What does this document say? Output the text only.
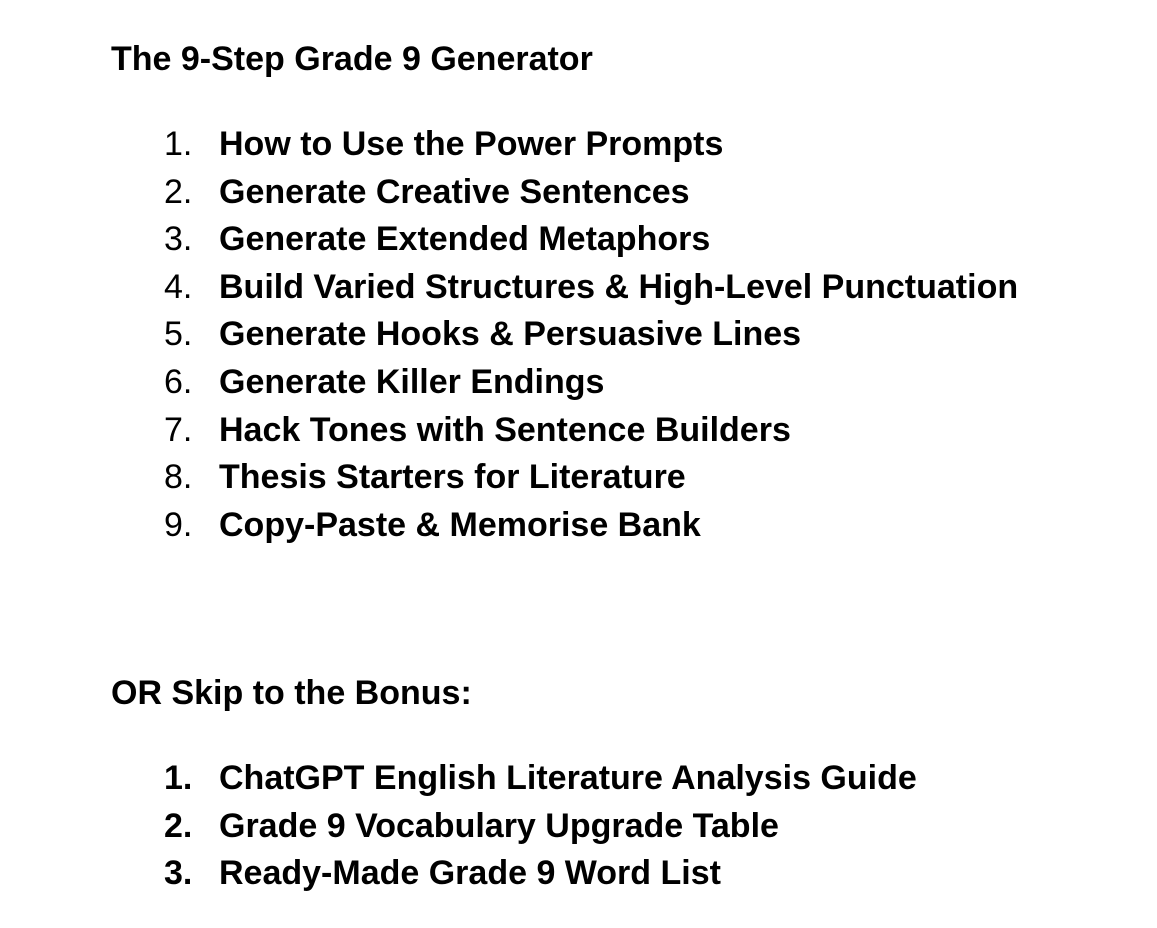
The 9-Step Grade 9 Generator
1. How to Use the Power Prompts
2. Generate Creative Sentences
3. Generate Extended Metaphors
4. Build Varied Structures & High-Level Punctuation
5. Generate Hooks & Persuasive Lines
6. Generate Killer Endings
7. Hack Tones with Sentence Builders
8. Thesis Starters for Literature
9. Copy-Paste & Memorise Bank
OR Skip to the Bonus:
1. ChatGPT English Literature Analysis Guide
2. Grade 9 Vocabulary Upgrade Table
3. Ready-Made Grade 9 Word List
